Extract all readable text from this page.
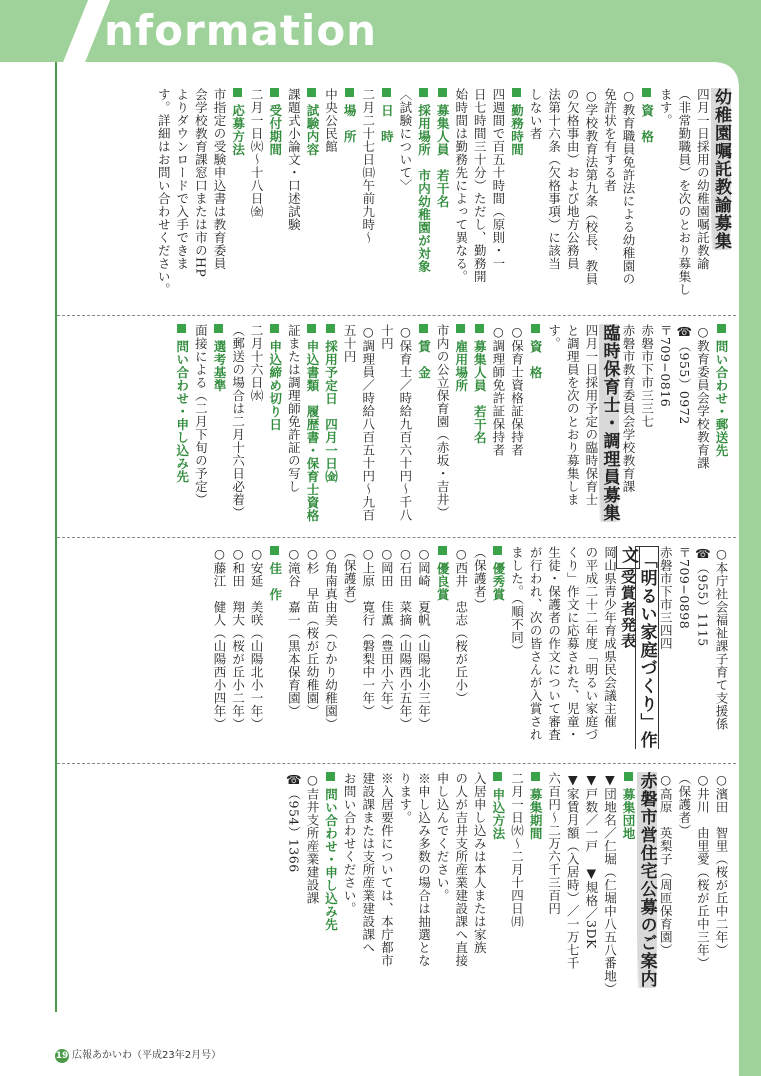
nformation
幼稚園嘱託教諭募集
四月一日採用の幼稚園嘱託教諭
（非常勤職員）を次のとおり募集し
ます。
資　格
○教育職員免許法による幼稚園の
免許状を有する者
○学校教育法第九条（校長、教員
の欠格事由）および地方公務員
法第十六条（欠格事項）に該当
しない者
勤務時間
四週間で百五十時間（原則・一
日七時間三十分）ただし、勤務開
始時間は勤務先によって異なる。
募集人員　若干名
採用場所　市内幼稚園が対象
〈試験について〉
日　時
二月二十七日㈰午前九時〜
場　所
中央公民館
試験内容
課題式小論文・口述試験
受付期間
二月一日㈫〜十八日㈮
応募方法
市指定の受験申込書は教育委員
会学校教育課窓口または市のHP
よりダウンロードで入手できま
す。詳細はお問い合わせください。
問い合わせ・郵送先
○教育委員会学校教育課
☎（955）0972
〒709−0816
赤磐市下市三三七
赤磐市教育委員会学校教育課
臨時保育士・調理員募集
四月一日採用予定の臨時保育士
と調理員を次のとおり募集しま
す。
資　格
○保育士資格証保持者
○調理師免許証保持者
募集人員　若干名
雇用場所
市内の公立保育園（赤坂・吉井）
賃　金
○保育士／時給九百六十円〜千八十円
○調理員／時給八百五十円〜九百五十円
採用予定日　四月一日㈮
申込書類　履歴書・保育士資格
証または調理師免許証の写し
申込締め切り日
二月十六日㈬
（郵送の場合は二月十六日必着）
選考基準
面接による（二月下旬の予定）
問い合わせ・申し込み先
○本庁社会福祉課子育て支援係
☎（955）1115
〒709−0898
赤磐市下市三四四
「明るい家庭づくり」作文受賞者発表
岡山県青少年育成県民会議主催
の平成二十二年度「明るい家庭づ
くり」作文に応募された、児童・
生徒・保護者の作文について審査
が行われ、次の皆さんが入賞され
ました。（順不同）
優秀賞
（保護者）
○西井　忠志（桜が丘小）
優良賞
○岡崎　夏帆（山陽北小三年）
○石田　菜摘（山陽西小五年）
○岡田　佳薫（豊田小六年）
○上原　寛行（磐梨中一年）
（保護者）
○角南真由美（ひかり幼稚園）
○杉　早苗（桜が丘幼稚園）
○滝谷　嘉一（黒本保育園）
佳　作
○安延　美咲（山陽北小一年）
○和田　翔大（桜が丘小二年）
○藤江　健人（山陽西小四年）
○濱田　智里（桜が丘中二年）
○井川　由里愛（桜が丘中三年）
（保護者）
○高原　英梨子（周匝保育園）
赤磐市営住宅公募のご案内
募集団地
▼団地名／仁堀（仁堀中八五八番地）
▼戸数／一戸　▼規格／3DK
▼家賃月額（入居時）／一万七千
六百円〜二万六千三百円
募集期間
二月一日㈫〜二月十四日㈪
申込方法
入居申し込みは本人または家族
の人が吉井支所産業建設課へ直接
申し込んでください。
※申し込み多数の場合は抽選とな
ります。
※入居要件については、本庁都市
建設課または支所産業建設課へ
お問い合わせください。
問い合わせ・申し込み先
○吉井支所産業建設課
☎（954）1366
19 広報あかいわ（平成23年2月号）
